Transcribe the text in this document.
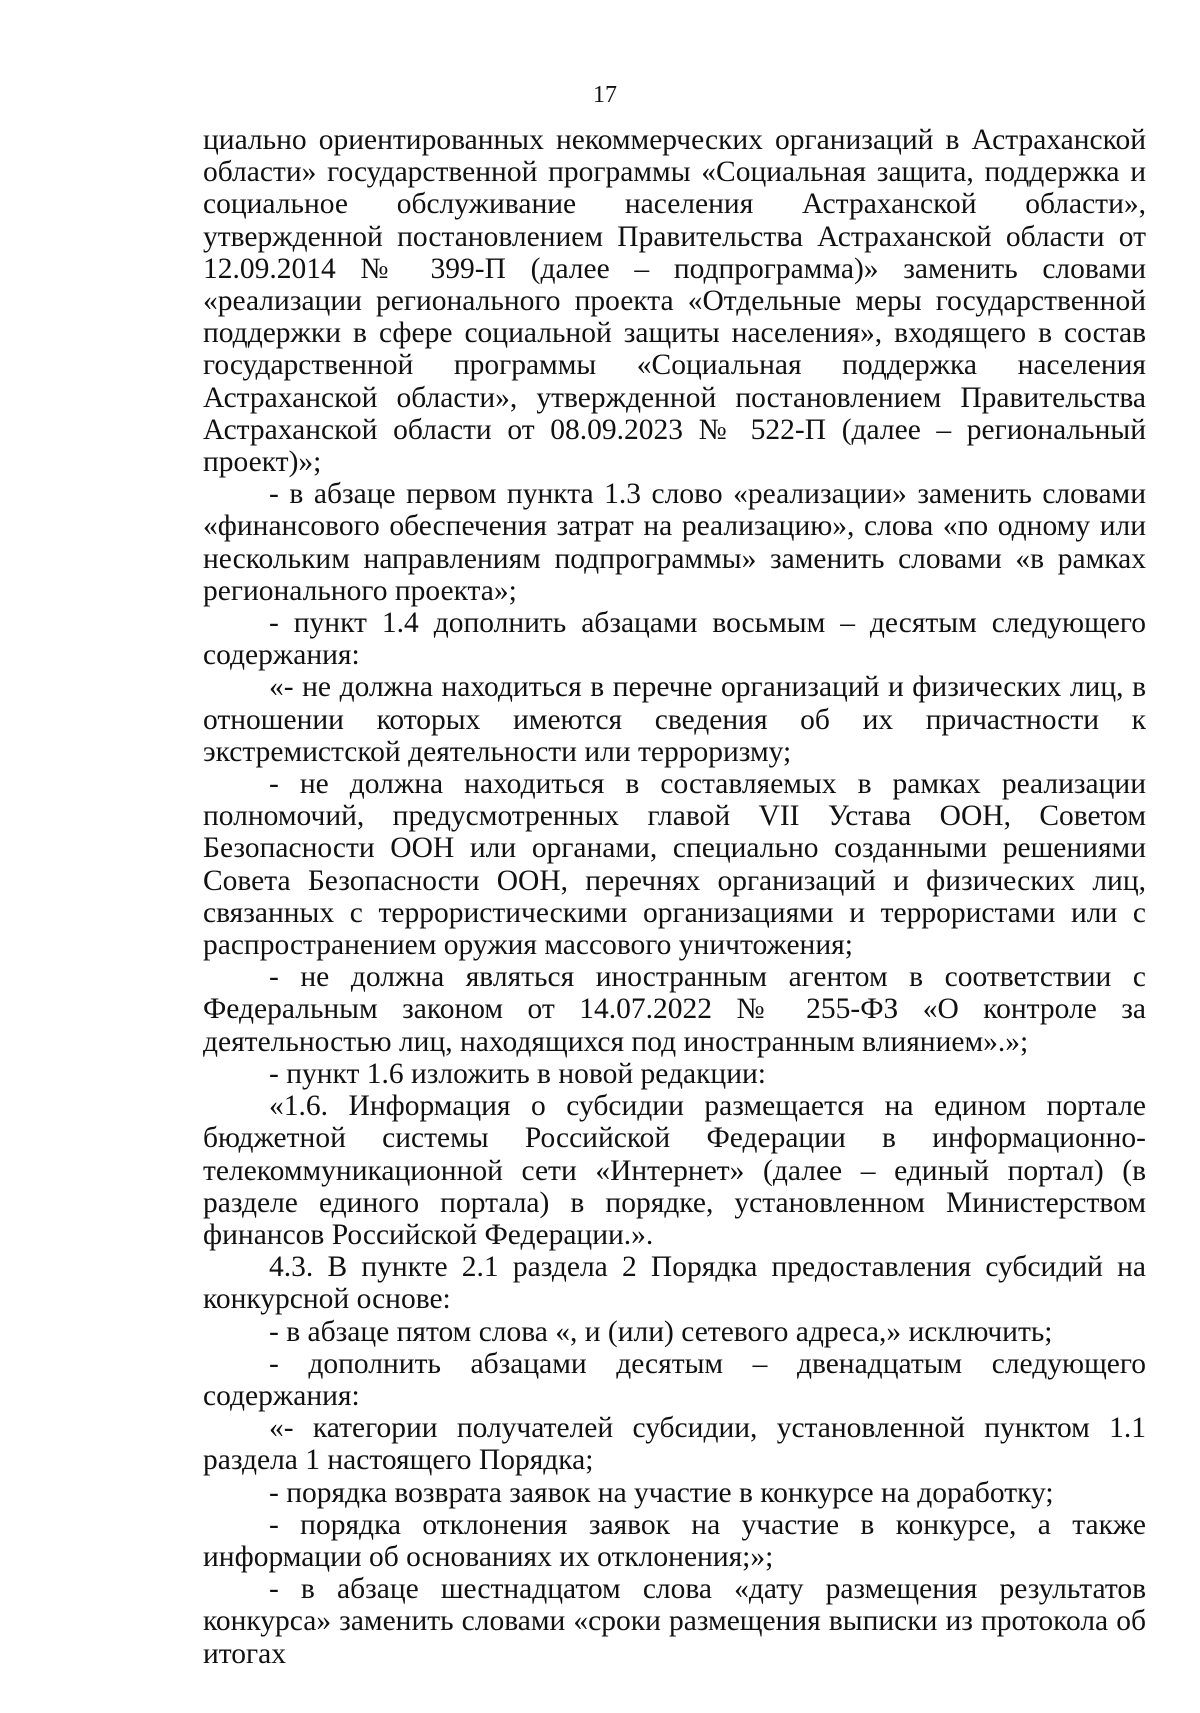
17

циально ориентированных некоммерческих организаций в Астраханской области» государственной программы «Социальная защита, поддержка и социальное обслуживание населения Астраханской области», утвержденной постановлением Правительства Астраханской области от 12.09.2014 № 399-П (далее – подпрограмма)» заменить словами «реализации регионального проекта «Отдельные меры государственной поддержки в сфере социальной защиты населения», входящего в состав государственной программы «Социальная поддержка населения Астраханской области», утвержденной постановлением Правительства Астраханской области от 08.09.2023 № 522-П (далее – региональный проект)»;

- в абзаце первом пункта 1.3 слово «реализации» заменить словами «финансового обеспечения затрат на реализацию», слова «по одному или нескольким направлениям подпрограммы» заменить словами «в рамках регионального проекта»;

- пункт 1.4 дополнить абзацами восьмым – десятым следующего содержания:

«- не должна находиться в перечне организаций и физических лиц, в отношении которых имеются сведения об их причастности к экстремистской деятельности или терроризму;

- не должна находиться в составляемых в рамках реализации полномочий, предусмотренных главой VII Устава ООН, Советом Безопасности ООН или органами, специально созданными решениями Совета Безопасности ООН, перечнях организаций и физических лиц, связанных с террористическими организациями и террористами или с распространением оружия массового уничтожения;

- не должна являться иностранным агентом в соответствии с Федеральным законом от 14.07.2022 № 255-ФЗ «О контроле за деятельностью лиц, находящихся под иностранным влиянием».»;

- пункт 1.6 изложить в новой редакции:

«1.6. Информация о субсидии размещается на едином портале бюджетной системы Российской Федерации в информационно-телекоммуникационной сети «Интернет» (далее – единый портал) (в разделе единого портала) в порядке, установленном Министерством финансов Российской Федерации.».

4.3. В пункте 2.1 раздела 2 Порядка предоставления субсидий на конкурсной основе:

- в абзаце пятом слова «, и (или) сетевого адреса,» исключить;

- дополнить абзацами десятым – двенадцатым следующего содержания:

«- категории получателей субсидии, установленной пунктом 1.1 раздела 1 настоящего Порядка;

- порядка возврата заявок на участие в конкурсе на доработку;

- порядка отклонения заявок на участие в конкурсе, а также информации об основаниях их отклонения;»;

- в абзаце шестнадцатом слова «дату размещения результатов конкурса» заменить словами «сроки размещения выписки из протокола об итогах
